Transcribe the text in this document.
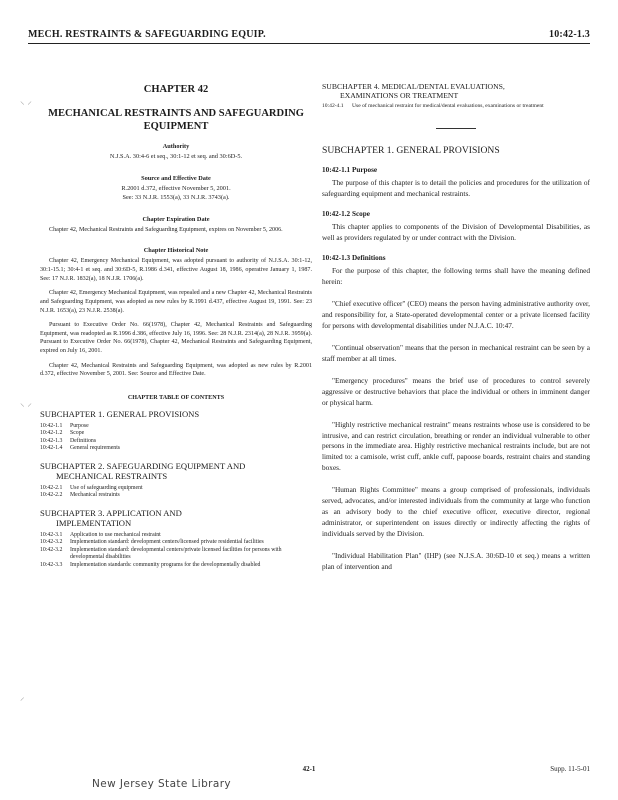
MECH. RESTRAINTS & SAFEGUARDING EQUIP.	10:42-1.3
⸜ ⸝
⸜ ⸝
⸝
CHAPTER 42
MECHANICAL RESTRAINTS AND SAFEGUARDING
EQUIPMENT
Authority
N.J.S.A. 30:4-6 et seq., 30:1-12 et seq. and 30:6D-5.
Source and Effective Date
R.2001 d.372, effective November 5, 2001.
See: 33 N.J.R. 1553(a), 33 N.J.R. 3743(a).
Chapter Expiration Date
Chapter 42, Mechanical Restraints and Safeguarding Equipment, expires on November 5, 2006.
Chapter Historical Note
Chapter 42, Emergency Mechanical Equipment, was adopted pursuant to authority of N.J.S.A. 30:1-12, 30:1-15.1; 30:4-1 et seq. and 30:6D-5, R.1986 d.341, effective August 18, 1986, operative January 1, 1987. See: 17 N.J.R. 1832(a), 18 N.J.R. 1706(a).
Chapter 42, Emergency Mechanical Equipment, was repealed and a new Chapter 42, Mechanical Restraints and Safeguarding Equipment, was adopted as new rules by R.1991 d.437, effective August 19, 1991. See: 23 N.J.R. 1653(a), 23 N.J.R. 2538(a).
Pursuant to Executive Order No. 66(1978), Chapter 42, Mechanical Restraints and Safeguarding Equipment, was readopted as R.1996 d.386, effective July 16, 1996. See: 28 N.J.R. 2314(a), 28 N.J.R. 3959(a). Pursuant to Executive Order No. 66(1978), Chapter 42, Mechanical Restraints and Safeguarding Equipment, expired on July 16, 2001.
Chapter 42, Mechanical Restraints and Safeguarding Equipment, was adopted as new rules by R.2001 d.372, effective November 5, 2001. See: Source and Effective Date.
CHAPTER TABLE OF CONTENTS
SUBCHAPTER 1. GENERAL PROVISIONS
10:42-1.1	Purpose
10:42-1.2	Scope
10:42-1.3	Definitions
10:42-1.4	General requirements
SUBCHAPTER 2. SAFEGUARDING EQUIPMENT AND
MECHANICAL RESTRAINTS
10:42-2.1	Use of safeguarding equipment
10:42-2.2	Mechanical restraints
SUBCHAPTER 3. APPLICATION AND
IMPLEMENTATION
10:42-3.1	Application to use mechanical restraint
10:42-3.2	Implementation standard: development centers/licensed private residential facilities
10:42-3.2	Implementation standard: developmental centers/private licensed facilities for persons with developmental disabilities
10:42-3.3	Implementation standards: community programs for the developmentally disabled
SUBCHAPTER 4. MEDICAL/DENTAL EVALUATIONS,
EXAMINATIONS OR TREATMENT
10:42-4.1	Use of mechanical restraint for medical/dental evaluations, examinations or treatment
SUBCHAPTER 1. GENERAL PROVISIONS
10:42-1.1 Purpose
The purpose of this chapter is to detail the policies and procedures for the utilization of safeguarding equipment and mechanical restraints.
10:42-1.2 Scope
This chapter applies to components of the Division of Developmental Disabilities, as well as providers regulated by or under contract with the Division.
10:42-1.3 Definitions
For the purpose of this chapter, the following terms shall have the meaning defined herein:
"Chief executive officer" (CEO) means the person having administrative authority over, and responsibility for, a State-operated developmental center or a private licensed facility for persons with developmental disabilities under N.J.A.C. 10:47.
"Continual observation" means that the person in mechanical restraint can be seen by a staff member at all times.
"Emergency procedures" means the brief use of procedures to control severely aggressive or destructive behaviors that place the individual or others in imminent danger or physical harm.
"Highly restrictive mechanical restraint" means restraints whose use is considered to be intrusive, and can restrict circulation, breathing or render an individual vulnerable to other persons in the immediate area. Highly restrictive mechanical restraints include, but are not limited to: a camisole, wrist cuff, ankle cuff, papoose boards, restraint chairs and standing boxes.
"Human Rights Committee" means a group comprised of professionals, individuals served, advocates, and/or interested individuals from the community at large who function as an advisory body to the chief executive officer, executive director, regional administrator, or superintendent on issues directly or indirectly affecting the rights of individuals served by the Division.
"Individual Habilitation Plan" (IHP) (see N.J.S.A. 30:6D-10 et seq.) means a written plan of intervention and
42-1	Supp. 11-5-01
New Jersey State Library
